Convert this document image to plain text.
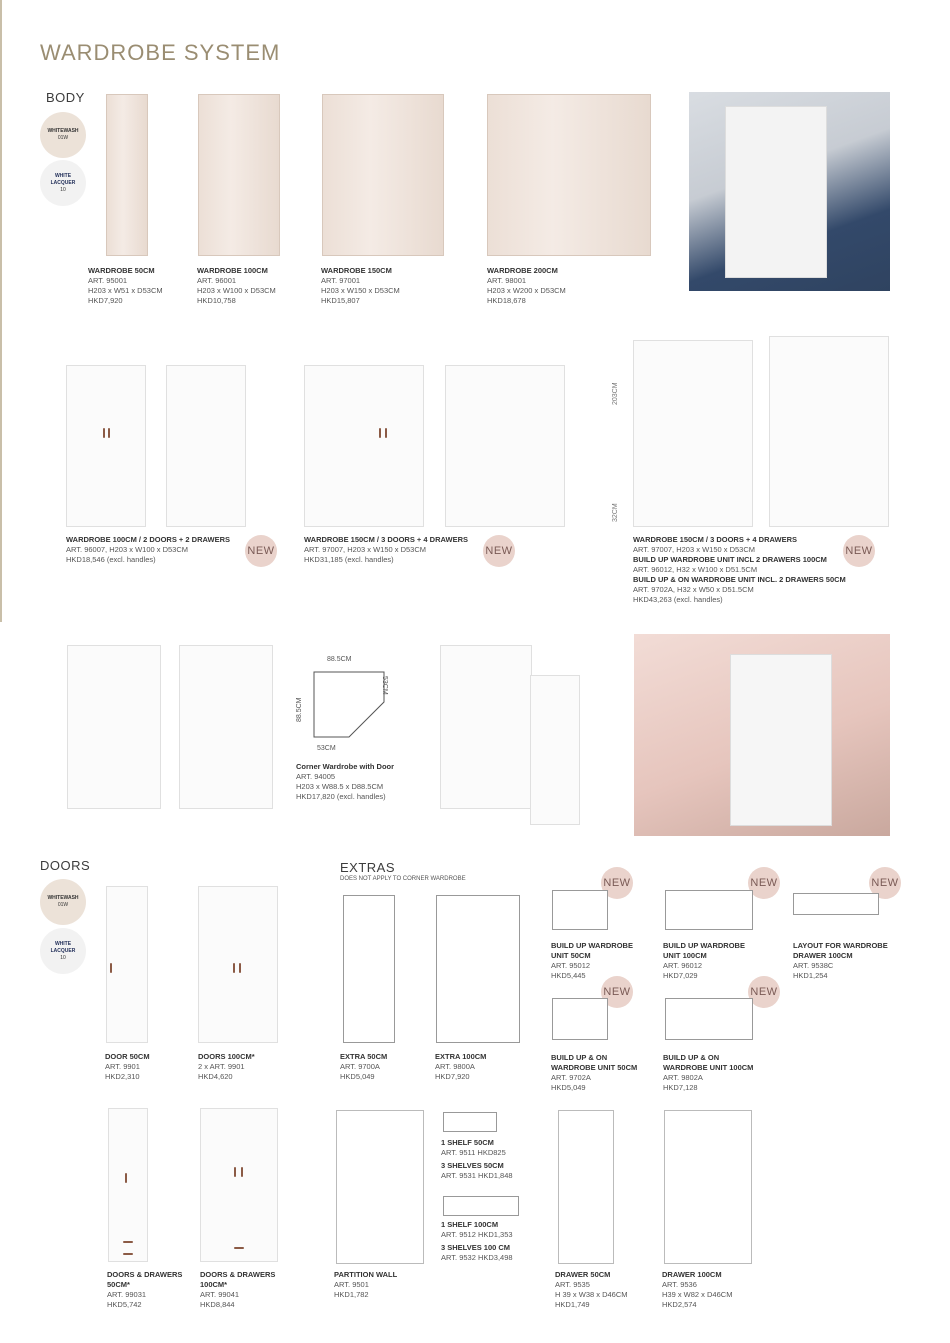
WARDROBE SYSTEM
BODY
WHITEWASH
01W
WHITE
LACQUER
10
WARDROBE 50CM
ART. 95001
H203 x W51 x D53CM
HKD7,920
WARDROBE 100CM
ART. 96001
H203 x W100 x D53CM
HKD10,758
WARDROBE 150CM
ART. 97001
H203 x W150 x D53CM
HKD15,807
WARDROBE 200CM
ART. 98001
H203 x W200 x D53CM
HKD18,678
WARDROBE 100CM / 2 DOORS + 2 DRAWERS
ART. 96007, H203 x W100 x D53CM
HKD18,546 (excl. handles)
NEW
WARDROBE 150CM / 3 DOORS + 4 DRAWERS
ART. 97007, H203 x W150 x D53CM
HKD31,185 (excl. handles)
NEW
203CM
32CM
WARDROBE 150CM / 3 DOORS + 4 DRAWERS
ART. 97007, H203 x W150 x D53CM
BUILD UP WARDROBE UNIT INCL 2 DRAWERS 100CM
ART. 96012, H32 x W100 x D51.5CM
BUILD UP & ON WARDROBE UNIT INCL. 2 DRAWERS 50CM
ART. 9702A, H32 x W50 x D51.5CM
HKD43,263 (excl. handles)
NEW
88.5CM
53CM
88.5CM
53CM
Corner Wardrobe with Door
ART. 94005
H203 x W88.5 x D88.5CM
HKD17,820 (excl. handles)
DOORS
WHITEWASH
01W
WHITE
LACQUER
10
DOOR 50CM
ART. 9901
HKD2,310
DOORS 100CM*
2 x ART. 9901
HKD4,620
DOORS & DRAWERS
50CM*
ART. 99031
HKD5,742
DOORS & DRAWERS
100CM*
ART. 99041
HKD8,844
EXTRAS
DOES NOT APPLY TO CORNER WARDROBE
EXTRA 50CM
ART. 9700A
HKD5,049
EXTRA 100CM
ART. 9800A
HKD7,920
NEW	NEW	NEW
BUILD UP WARDROBE
UNIT 50CM
ART. 95012
HKD5,445
BUILD UP WARDROBE
UNIT 100CM
ART. 96012
HKD7,029
LAYOUT FOR WARDROBE
DRAWER 100CM
ART. 9538C
HKD1,254
NEW	NEW
BUILD UP & ON
WARDROBE UNIT 50CM
ART. 9702A
HKD5,049
BUILD UP & ON
WARDROBE UNIT 100CM
ART. 9802A
HKD7,128
PARTITION WALL
ART. 9501
HKD1,782
1 SHELF 50CM
ART. 9511 HKD825
3 SHELVES 50CM
ART. 9531 HKD1,848
1 SHELF 100CM
ART. 9512 HKD1,353
3 SHELVES 100 CM
ART. 9532 HKD3,498
DRAWER 50CM
ART. 9535
H 39 x W38 x D46CM
HKD1,749
DRAWER 100CM
ART. 9536
H39 x W82 x D46CM
HKD2,574
